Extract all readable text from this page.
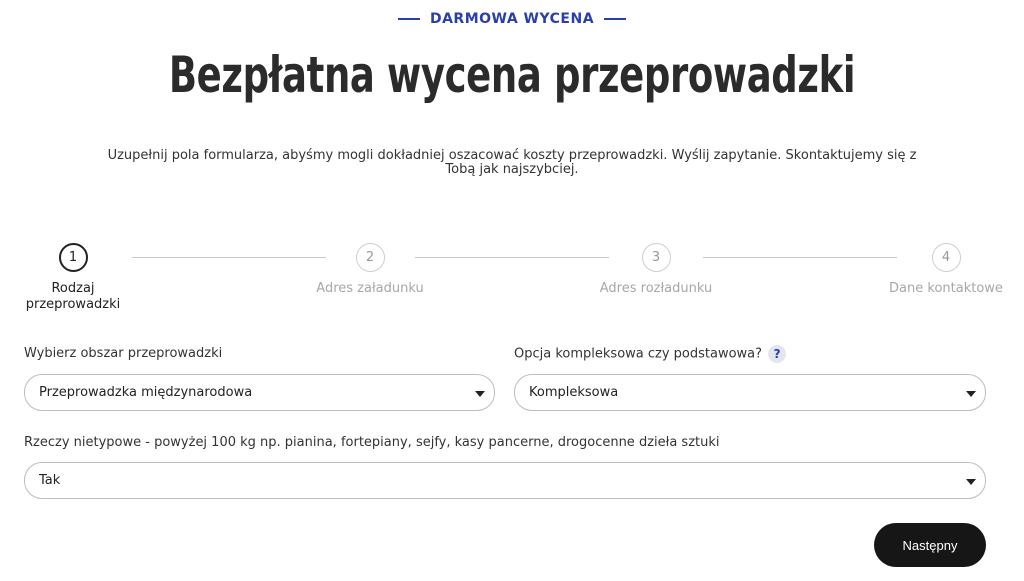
DARMOWA WYCENA
Bezpłatna wycena przeprowadzki

Uzupełnij pola formularza, abyśmy mogli dokładniej oszacować koszty przeprowadzki. Wyślij zapytanie. Skontaktujemy się z Tobą jak najszybciej.

1
Rodzaj przeprowadzki
2
Adres załadunku
3
Adres rozładunku
4
Dane kontaktowe
Wybierz obszar przeprowadzki
Przeprowadzka międzynarodowa
Opcja kompleksowa czy podstawowa? ?
Kompleksowa
Rzeczy nietypowe - powyżej 100 kg np. pianina, fortepiany, sejfy, kasy pancerne, drogocenne dzieła sztuki
Tak
Następny
